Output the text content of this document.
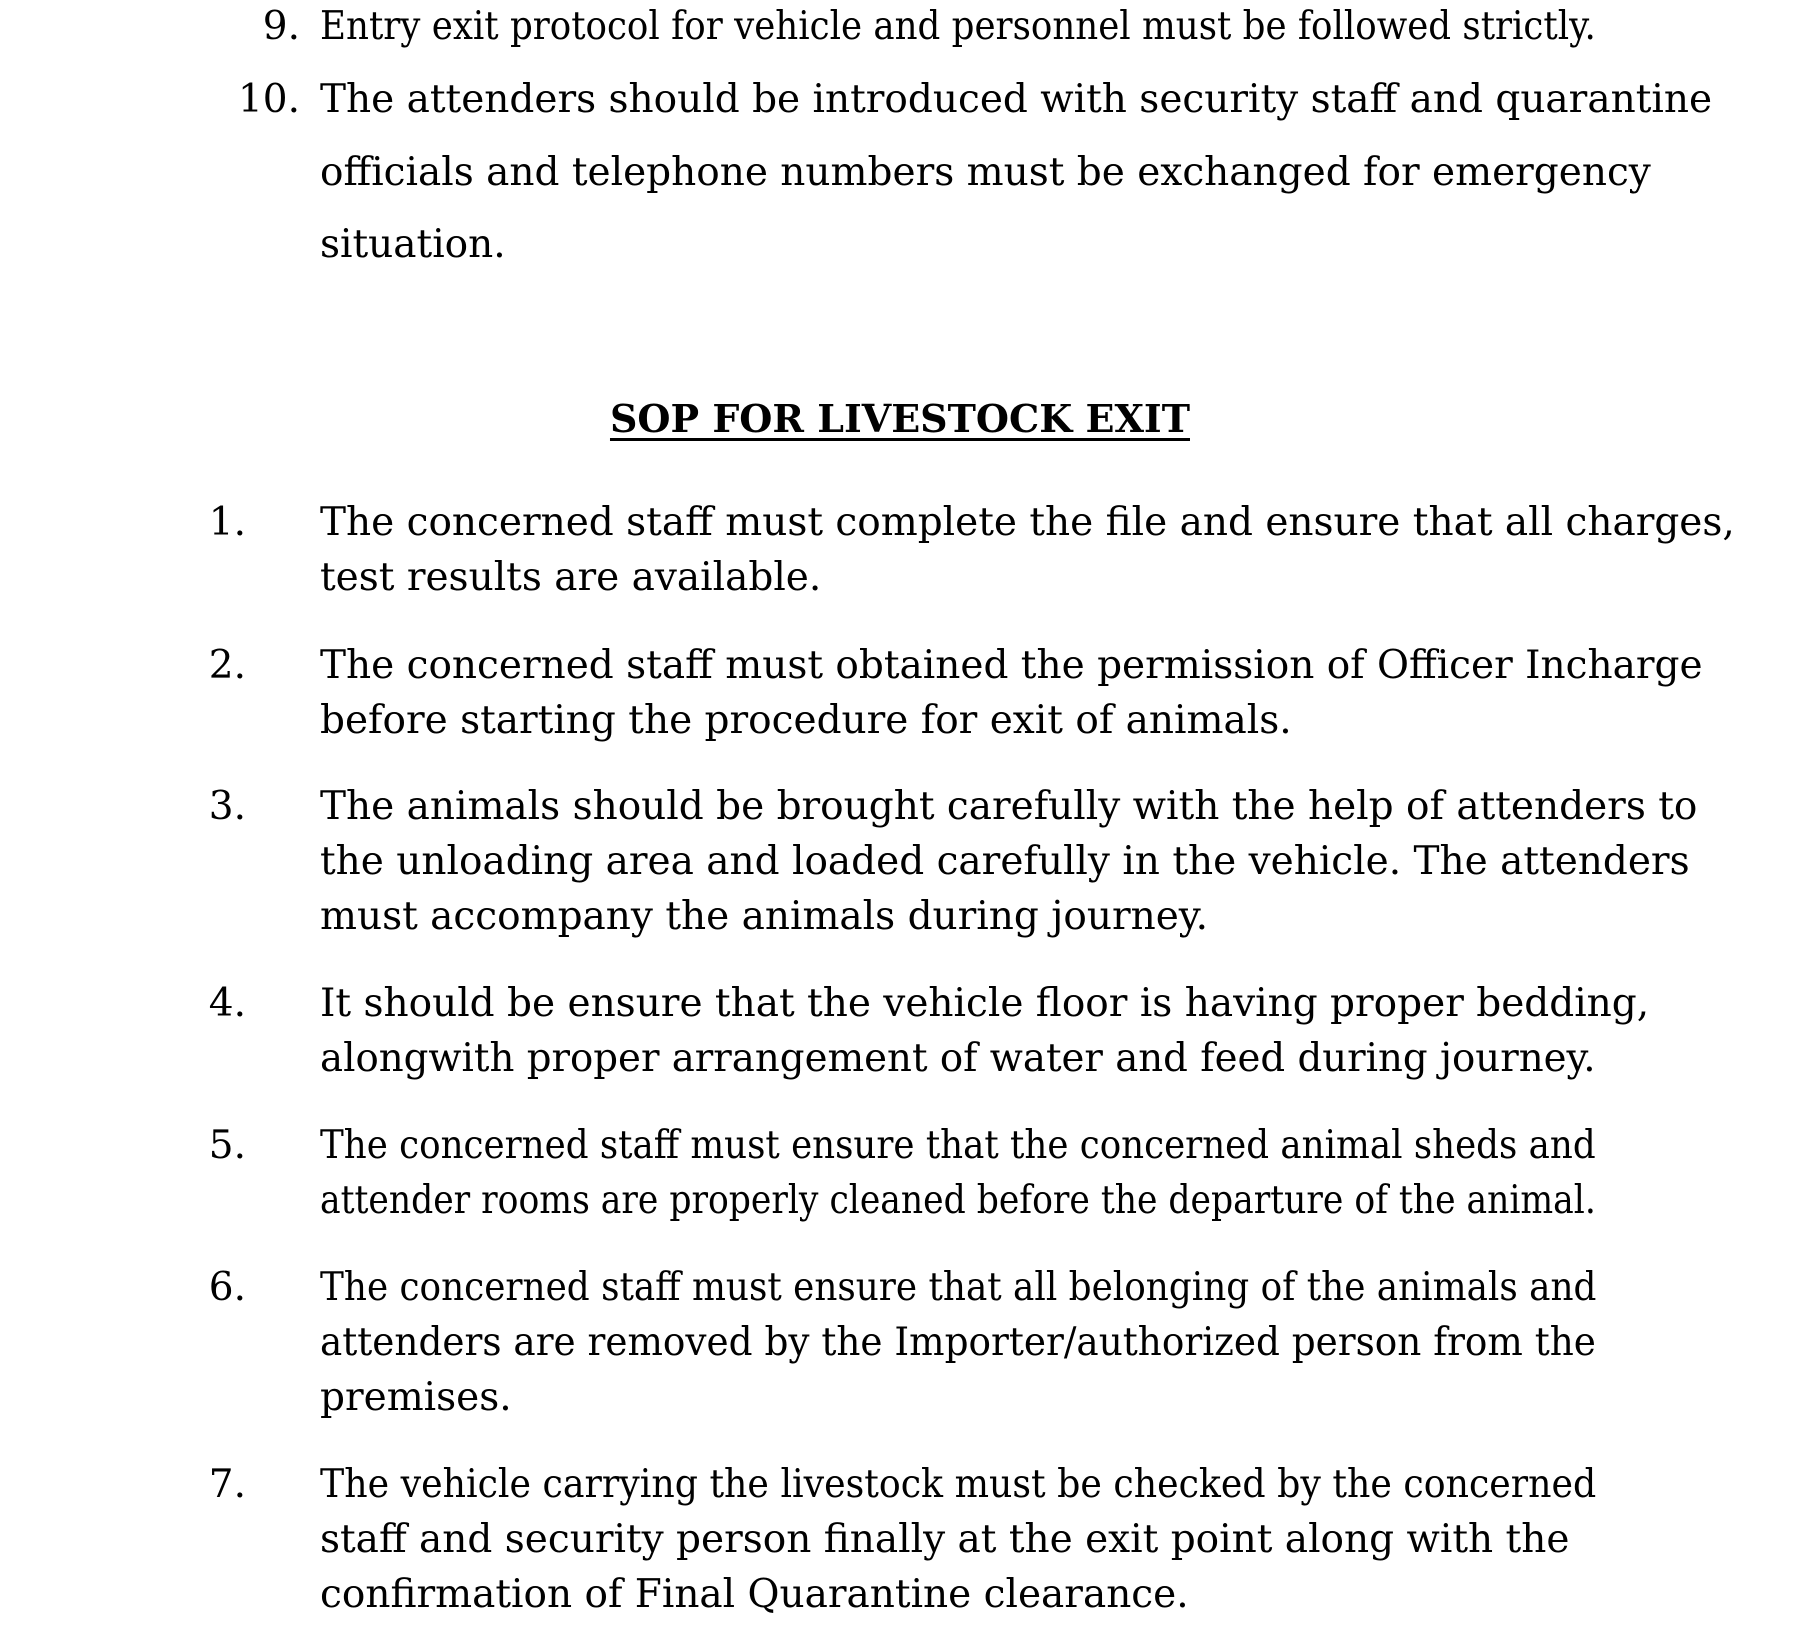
9. Entry exit protocol for vehicle and personnel must be followed strictly.
10. The attenders should be introduced with security staff and quarantine
officials and telephone numbers must be exchanged for emergency
situation.
SOP FOR LIVESTOCK EXIT
1. The concerned staff must complete the file and ensure that all charges,
test results are available.
2. The concerned staff must obtained the permission of Officer Incharge
before starting the procedure for exit of animals.
3. The animals should be brought carefully with the help of attenders to
the unloading area and loaded carefully in the vehicle. The attenders
must accompany the animals during journey.
4. It should be ensure that the vehicle floor is having proper bedding,
alongwith proper arrangement of water and feed during journey.
5. The concerned staff must ensure that the concerned animal sheds and
attender rooms are properly cleaned before the departure of the animal.
6. The concerned staff must ensure that all belonging of the animals and
attenders are removed by the Importer/authorized person from the
premises.
7. The vehicle carrying the livestock must be checked by the concerned
staff and security person finally at the exit point along with the
confirmation of Final Quarantine clearance.
